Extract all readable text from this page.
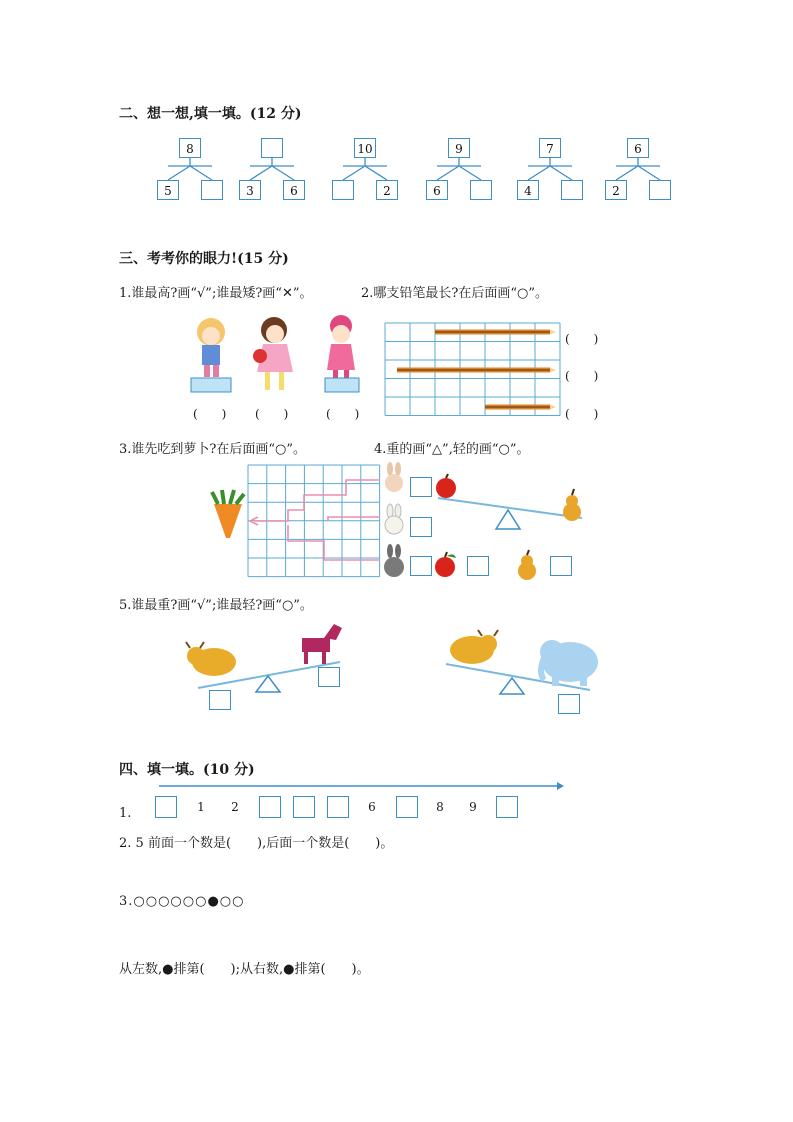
二、想一想,填一填。(12 分)
8
5	3	6
10
2
9
6
7
4
6
2
三、考考你的眼力!(15 分)
1.谁最高?画“√”;谁最矮?画“✕”。	2.哪支铅笔最长?在后面画“○”。
(　　) (　　)	(　　)
(　　)
(　　)
(　　)
3.谁先吃到萝卜?在后面画“○”。	4.重的画“△”,轻的画“○”。
5.谁最重?画“√”;谁最轻?画“○”。
四、填一填。(10 分)
1.	1	2	6	8	9
2. 5 前面一个数是(　　),后面一个数是(　　)。
3.○○○○○○●○○
从左数,●排第(　　);从右数,●排第(　　)。
